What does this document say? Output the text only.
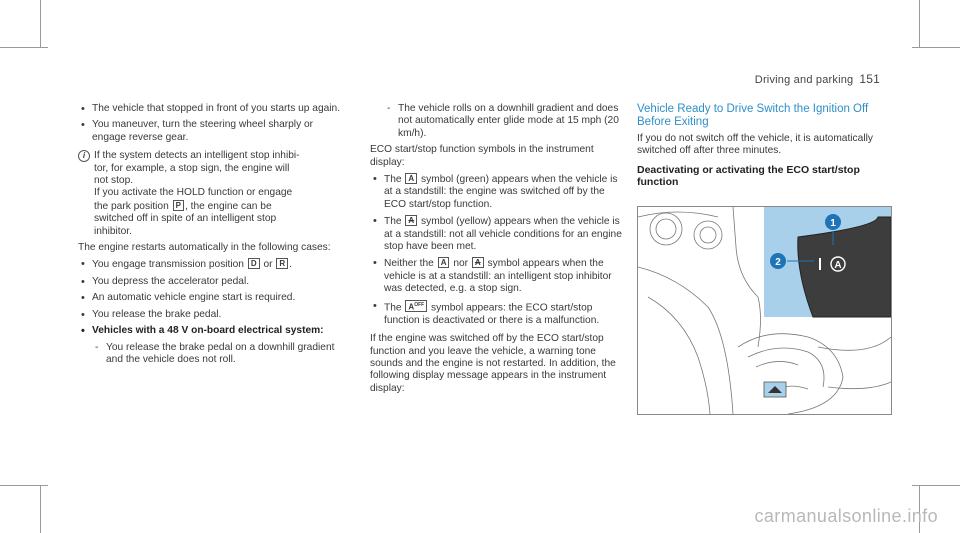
Driving and parking 151
• The vehicle that stopped in front of you starts up again.
• You maneuver, turn the steering wheel sharply or engage reverse gear.
i If the system detects an intelligent stop inhibi-
tor, for example, a stop sign, the engine will
not stop.
If you activate the HOLD function or engage
the park position P , the engine can be
switched off in spite of an intelligent stop
inhibitor.

The engine restarts automatically in the following cases:

• You engage transmission position D or R .
• You depress the accelerator pedal.
• An automatic vehicle engine start is required.
• You release the brake pedal.
• Vehicles with a 48 V on-board electrical system:
- You release the brake pedal on a downhill gradient and the vehicle does not roll.
- The vehicle rolls on a downhill gradient and does not automatically enter glide mode at 15 mph (20 km/h).

ECO start/stop function symbols in the instrument display:

• The A symbol (green) appears when the vehicle is at a standstill: the engine was switched off by the ECO start/stop function.
• The A symbol (yellow) appears when the vehicle is at a standstill: not all vehicle conditions for an engine stop have been met.
• Neither the A nor A symbol appears when the vehicle is at a standstill: an intelligent stop inhibitor was detected, e.g. a stop sign.
• The $A^{OFF}$ symbol appears: the ECO start/stop function is deactivated or there is a malfunction.

If the engine was switched off by the ECO start/stop function and you leave the vehicle, a warning tone sounds and the engine is not restarted. In addition, the following display message appears in the instrument display:

Vehicle Ready to Drive Switch the Ignition Off Before Exiting

If you do not switch off the vehicle, it is automatically switched off after three minutes.

Deactivating or activating the ECO start/stop function
A
1
2
carmanualsonline.info
